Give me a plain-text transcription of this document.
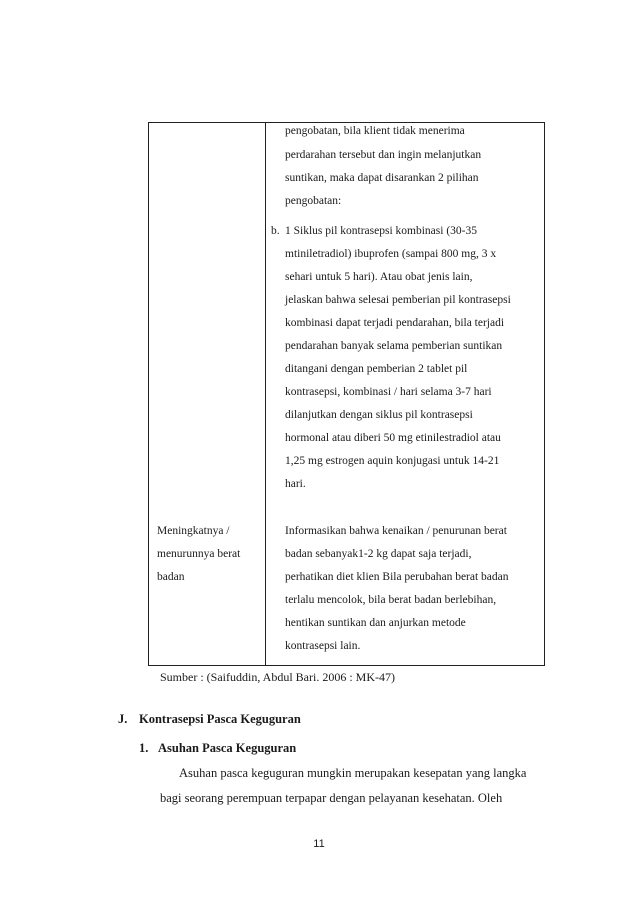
pengobatan, bila klient tidak menerima
perdarahan tersebut dan ingin melanjutkan
suntikan, maka dapat disarankan 2 pilihan
pengobatan:
b. 1 Siklus pil kontrasepsi kombinasi (30-35
mtiniletradiol) ibuprofen (sampai 800 mg, 3 x
sehari untuk 5 hari). Atau obat jenis lain,
jelaskan bahwa selesai pemberian pil kontrasepsi
kombinasi dapat terjadi pendarahan, bila terjadi
pendarahan banyak selama pemberian suntikan
ditangani dengan pemberian 2 tablet pil
kontrasepsi, kombinasi / hari selama 3-7 hari
dilanjutkan dengan siklus pil kontrasepsi
hormonal atau diberi 50 mg etinilestradiol atau
1,25 mg estrogen aquin konjugasi untuk 14-21
hari.
Meningkatnya /
menurunnya berat
badan
Informasikan bahwa kenaikan / penurunan berat
badan sebanyak1-2 kg dapat saja terjadi,
perhatikan diet klien Bila perubahan berat badan
terlalu mencolok, bila berat badan berlebihan,
hentikan suntikan dan anjurkan metode
kontrasepsi lain.
Sumber : (Saifuddin, Abdul Bari. 2006 : MK-47)
J. Kontrasepsi Pasca Keguguran
1. Asuhan Pasca Keguguran
Asuhan pasca keguguran mungkin merupakan kesepatan yang langka
bagi seorang perempuan terpapar dengan pelayanan kesehatan. Oleh
11
